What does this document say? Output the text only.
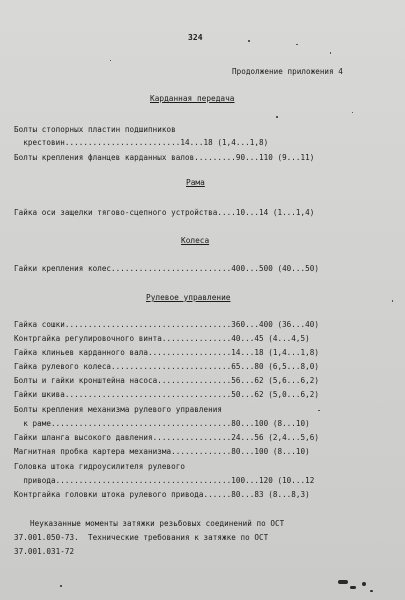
324
Продолжение приложения 4
Карданная передача
Болты стопорных пластин подшипников
крестовин.........................14...18 (1,4...1,8)
Болты крепления фланцев карданных валов.........90...110 (9...11)
Рама
Гайка оси защелки тягово-сцепного устройства....10...14 (1...1,4)
Колеса
Гайки крепления колес..........................400...500 (40...50)
Рулевое управление
Гайка сошки....................................360...400 (36...40)
Контргайка регулировочного винта...............40...45 (4...4,5)
Гайка клиньев карданного вала..................14...18 (1,4...1,8)
Гайка рулевого колеса..........................65...80 (6,5...8,0)
Болты и гайки кронштейна насоса................56...62 (5,6...6,2)
Гайки шкива....................................50...62 (5,0...6,2)
Болты крепления механизма рулевого управления
к раме.......................................80...100 (8...10)
Гайки шланга высокого давления.................24...56 (2,4...5,6)
Магнитная пробка картера механизма.............80...100 (8...10)
Головка штока гидроусилителя рулевого
привода......................................100...120 (10...12
Контргайка головки штока рулевого привода......80...83 (8...8,3)
Неуказанные моменты затяжки резьбовых соединений по ОСТ
37.001.050-73.  Технические требования к затяжке по ОСТ
37.001.031-72
